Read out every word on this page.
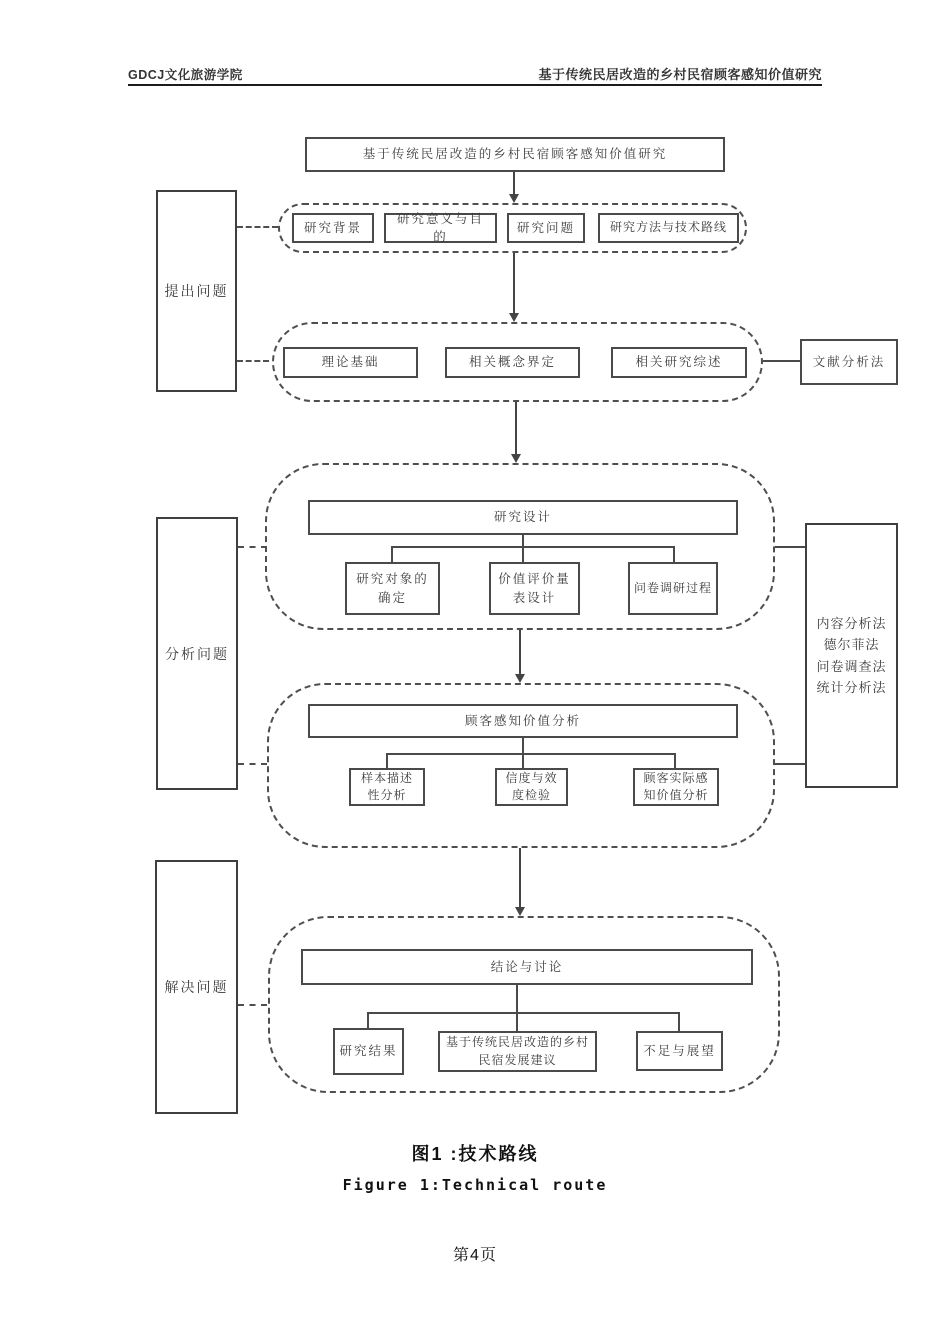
GDCJ文化旅游学院	基于传统民居改造的乡村民宿顾客感知价值研究
基于传统民居改造的乡村民宿顾客感知价值研究
提出问题
分析问题
解决问题
研究背景
研究意义与目的
研究问题	研究方法与技术路线
理论基础	相关概念界定	相关研究综述	文献分析法
研究设计
研究对象的确定
价值评价量表设计
问卷调研过程
内容分析法
德尔菲法
问卷调查法
统计分析法
顾客感知价值分析
样本描述性分析
信度与效度检验
顾客实际感知价值分析
结论与讨论
研究结果
基于传统民居改造的乡村民宿发展建议
不足与展望
图1 :技术路线
Figure 1:Technical route
第4页
